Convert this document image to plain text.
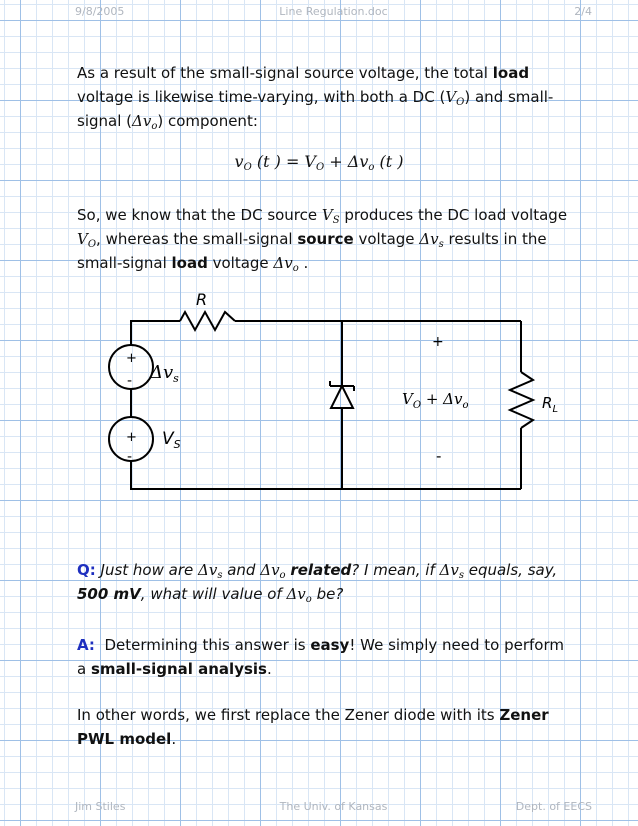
9/8/2005	Line Regulation.doc	2/4

As a result of the small-signal source voltage, the total load voltage is likewise time-varying, with both a DC $(V_O)$ and small-signal $(\Delta v_o)$ component:

$v_O$ (t ) = $V_O + \Delta v_o$ (t )

So, we know that the DC source $V_S$ produces the DC load voltage $V_O$, whereas the small-signal source voltage $\Delta v_s$ results in the small-signal load voltage $\Delta v_o$ .

R
+
-
+
-
$\Delta v_s$
$V_S$
+
-
$V_O + \Delta v_o$	$R_L$

Q: Just how are $\Delta v_s$ and $\Delta v_o$ related? I mean, if $\Delta v_s$ equals, say, 500 mV, what will value of $\Delta v_o$ be?

A: Determining this answer is easy! We simply need to perform a small-signal analysis.

In other words, we first replace the Zener diode with its Zener PWL model.

Jim Stiles	The Univ. of Kansas	Dept. of EECS
